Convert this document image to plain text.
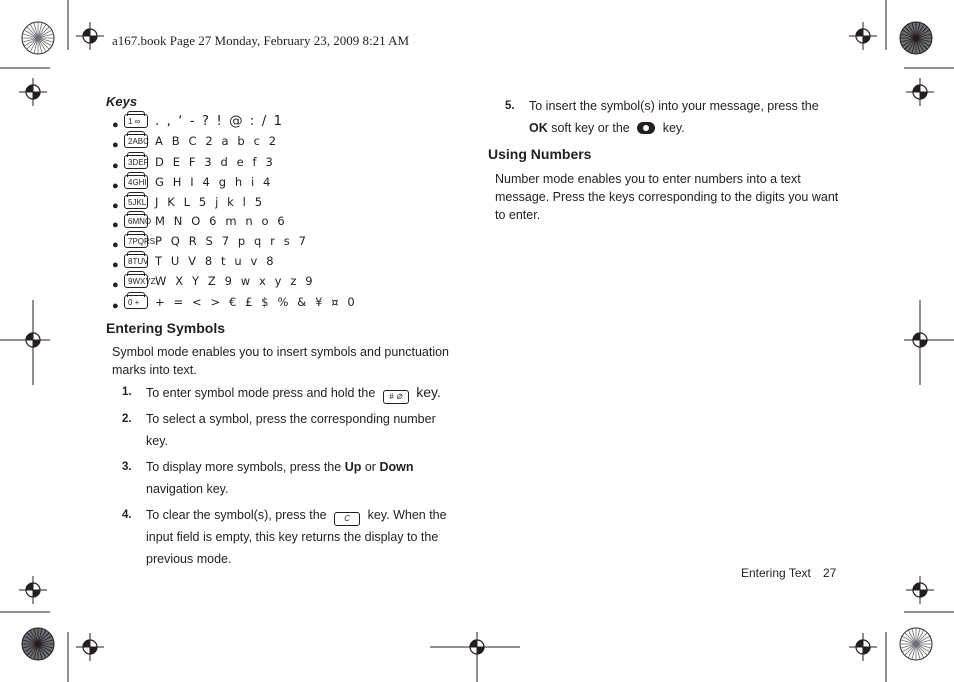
a167.book Page 27 Monday, February 23, 2009 8:21 AM
Keys
●	1 ∞	. , ‘ - ? ! @ : / 1
●	2ABC A B C 2 a b c 2
●	3DEF D E F 3 d e f 3
●	4GHI G H I 4 g h i 4
●	5JKL J K L 5 j k l 5
●	6MNO M N O 6 m n o 6
●	7PQRS P Q R S 7 p q r s 7
●	8TUV T U V 8 t u v 8
●	9WXYZ W X Y Z 9 w x y z 9
●	0 +	+ = < > € £ $ % & ¥ ¤ 0
Entering Symbols
Symbol mode enables you to insert symbols and punctuation marks into text.
1.	To enter symbol mode press and hold the # ⊘ key.
2.	To select a symbol, press the corresponding number key.
3.	To display more symbols, press the Up or Down navigation key.
4.	To clear the symbol(s), press the C key. When the input field is empty, this key returns the display to the previous mode.
5.	To insert the symbol(s) into your message, press the OK soft key or the	key.
Using Numbers
Number mode enables you to enter numbers into a text message. Press the keys corresponding to the digits you want to enter.
Entering Text 27
